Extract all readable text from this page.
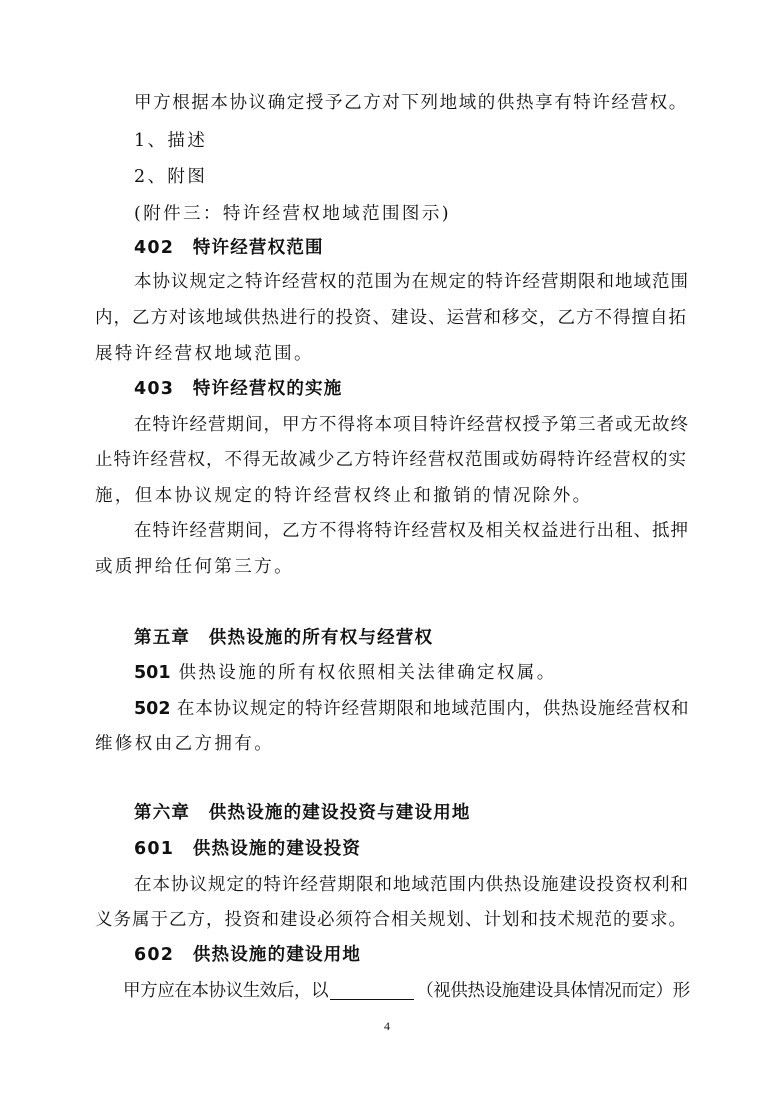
甲方根据本协议确定授予乙方对下列地域的供热享有特许经营权。
1、描述
2、附图
(附件三：特许经营权地域范围图示)
402　特许经营权范围
本协议规定之特许经营权的范围为在规定的特许经营期限和地域范围
内，乙方对该地域供热进行的投资、建设、运营和移交，乙方不得擅自拓
展特许经营权地域范围。
403　特许经营权的实施
在特许经营期间，甲方不得将本项目特许经营权授予第三者或无故终
止特许经营权，不得无故减少乙方特许经营权范围或妨碍特许经营权的实
施，但本协议规定的特许经营权终止和撤销的情况除外。
在特许经营期间，乙方不得将特许经营权及相关权益进行出租、抵押
或质押给任何第三方。
第五章　供热设施的所有权与经营权
501 供热设施的所有权依照相关法律确定权属。
502 在本协议规定的特许经营期限和地域范围内，供热设施经营权和
维修权由乙方拥有。
第六章　供热设施的建设投资与建设用地
601　供热设施的建设投资
在本协议规定的特许经营期限和地域范围内供热设施建设投资权利和
义务属于乙方，投资和建设必须符合相关规划、计划和技术规范的要求。
602　供热设施的建设用地
甲方应在本协议生效后，以	（视供热设施建设具体情况而定）形
4
